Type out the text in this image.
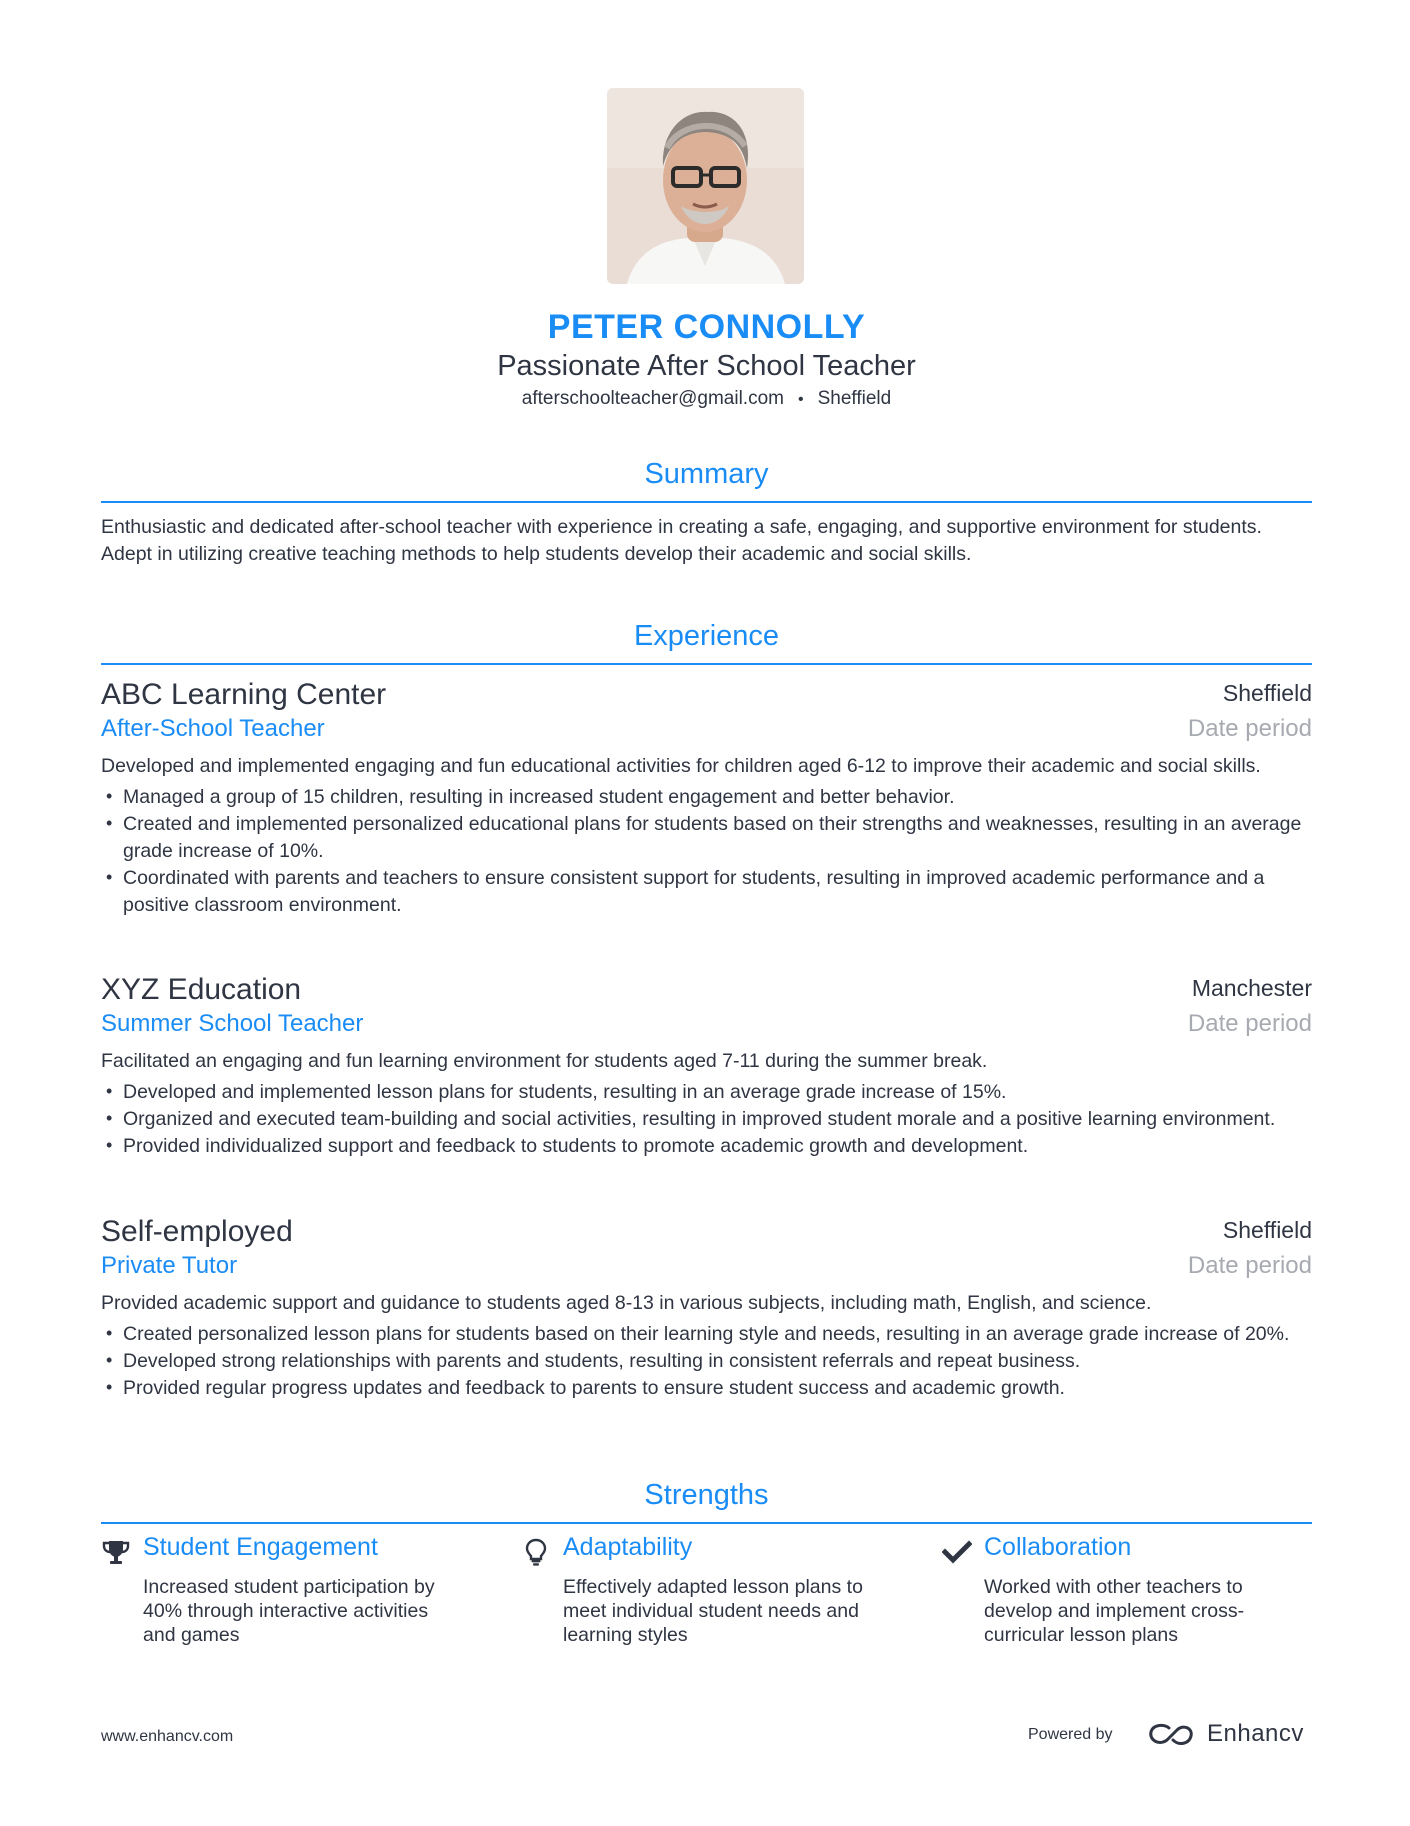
PETER CONNOLLY
Passionate After School Teacher
afterschoolteacher@gmail.com • Sheffield
Summary
Enthusiastic and dedicated after-school teacher with experience in creating a safe, engaging, and supportive environment for students. Adept in utilizing creative teaching methods to help students develop their academic and social skills.
Experience
ABC Learning Center	Sheffield
After-School Teacher	Date period
Developed and implemented engaging and fun educational activities for children aged 6-12 to improve their academic and social skills.
• Managed a group of 15 children, resulting in increased student engagement and better behavior.
• Created and implemented personalized educational plans for students based on their strengths and weaknesses, resulting in an average grade increase of 10%.
• Coordinated with parents and teachers to ensure consistent support for students, resulting in improved academic performance and a positive classroom environment.
XYZ Education	Manchester
Summer School Teacher	Date period
Facilitated an engaging and fun learning environment for students aged 7-11 during the summer break.
• Developed and implemented lesson plans for students, resulting in an average grade increase of 15%.
• Organized and executed team-building and social activities, resulting in improved student morale and a positive learning environment.
• Provided individualized support and feedback to students to promote academic growth and development.
Self-employed	Sheffield
Private Tutor	Date period
Provided academic support and guidance to students aged 8-13 in various subjects, including math, English, and science.
• Created personalized lesson plans for students based on their learning style and needs, resulting in an average grade increase of 20%.
• Developed strong relationships with parents and students, resulting in consistent referrals and repeat business.
• Provided regular progress updates and feedback to parents to ensure student success and academic growth.
Strengths
Student Engagement
Increased student participation by 40% through interactive activities and games
Adaptability
Effectively adapted lesson plans to meet individual student needs and learning styles
Collaboration
Worked with other teachers to develop and implement cross-curricular lesson plans
www.enhancv.com	Powered by	Enhancv
